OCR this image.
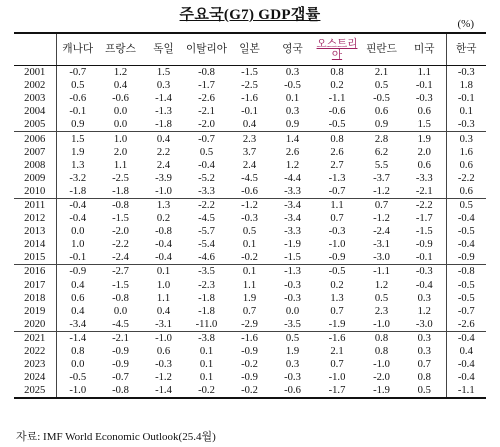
주요국(G7) GDP갭률
(%)
	캐나다	프랑스	독일	이탈리아	일본	영국	오스트리아	핀란드	미국	한국
2001	-0.7	1.2	1.5	-0.8	-1.5	0.3	0.8	2.1	1.1	-0.3
2002	0.5	0.4	0.3	-1.7	-2.5	-0.5	0.2	0.5	-0.1	1.8
2003	-0.6	-0.6	-1.4	-2.6	-1.6	0.1	-1.1	-0.5	-0.3	-0.1
2004	-0.1	0.0	-1.3	-2.1	-0.1	0.3	-0.6	0.6	0.6	0.1
2005	0.9	0.0	-1.8	-2.0	0.4	0.9	-0.5	0.9	1.5	-0.3
2006	1.5	1.0	0.4	-0.7	2.3	1.4	0.8	2.8	1.9	0.3
2007	1.9	2.0	2.2	0.5	3.7	2.6	2.6	6.2	2.0	1.6
2008	1.3	1.1	2.4	-0.4	2.4	1.2	2.7	5.5	0.6	0.6
2009	-3.2	-2.5	-3.9	-5.2	-4.5	-4.4	-1.3	-3.7	-3.3	-2.2
2010	-1.8	-1.8	-1.0	-3.3	-0.6	-3.3	-0.7	-1.2	-2.1	0.6
2011	-0.4	-0.8	1.3	-2.2	-1.2	-3.4	1.1	0.7	-2.2	0.5
2012	-0.4	-1.5	0.2	-4.5	-0.3	-3.4	0.7	-1.2	-1.7	-0.4
2013	0.0	-2.0	-0.8	-5.7	0.5	-3.3	-0.3	-2.4	-1.5	-0.5
2014	1.0	-2.2	-0.4	-5.4	0.1	-1.9	-1.0	-3.1	-0.9	-0.4
2015	-0.1	-2.4	-0.4	-4.6	-0.2	-1.5	-0.9	-3.0	-0.1	-0.9
2016	-0.9	-2.7	0.1	-3.5	0.1	-1.3	-0.5	-1.1	-0.3	-0.8
2017	0.4	-1.5	1.0	-2.3	1.1	-0.3	0.2	1.2	-0.4	-0.5
2018	0.6	-0.8	1.1	-1.8	1.9	-0.3	1.3	0.5	0.3	-0.5
2019	0.4	0.0	0.4	-1.8	0.7	0.0	0.7	2.3	1.2	-0.7
2020	-3.4	-4.5	-3.1	-11.0	-2.9	-3.5	-1.9	-1.0	-3.0	-2.6
2021	-1.4	-2.1	-1.0	-3.8	-1.6	0.5	-1.6	0.8	0.3	-0.4
2022	0.8	-0.9	0.6	0.1	-0.9	1.9	2.1	0.8	0.3	0.4
2023	0.0	-0.9	-0.3	0.1	-0.2	0.3	0.7	-1.0	0.7	-0.4
2024	-0.5	-0.7	-1.2	0.1	-0.9	-0.3	-1.0	-2.0	0.8	-0.4
2025	-1.0	-0.8	-1.4	-0.2	-0.2	-0.6	-1.7	-1.9	0.5	-1.1
자료: IMF World Economic Outlook(25.4월)
